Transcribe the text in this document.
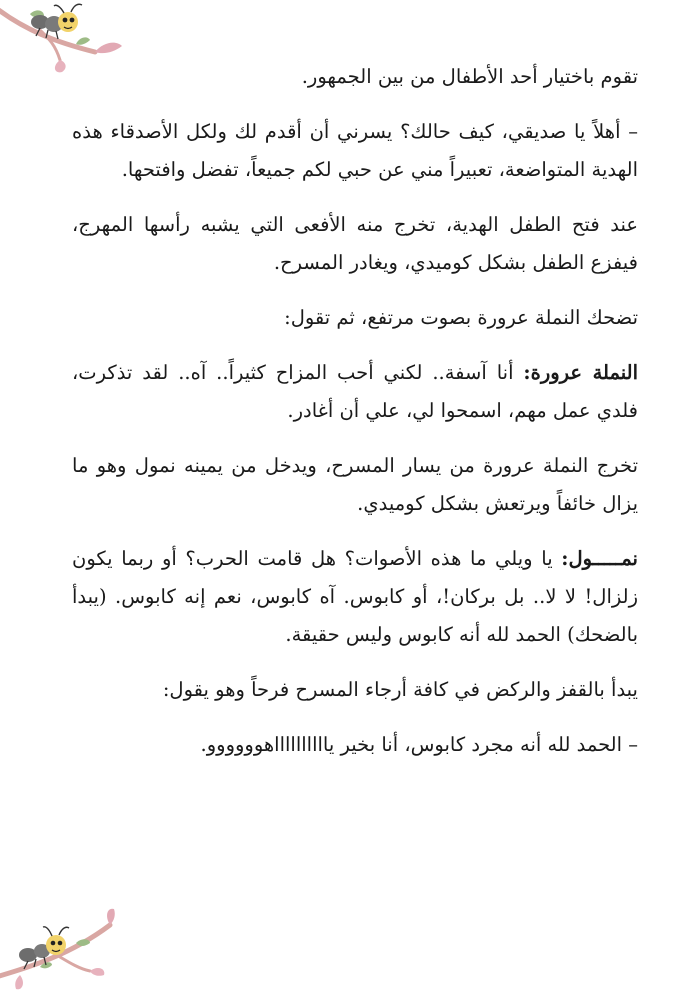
تقوم باختيار أحد الأطفال من بين الجمهور.

– أهلاً يا صديقي، كيف حالك؟ يسرني أن أقدم لك ولكل الأصدقاء هذه الهدية المتواضعة، تعبيراً مني عن حبي لكم جميعاً، تفضل وافتحها.

عند فتح الطفل الهدية، تخرج منه الأفعى التي يشبه رأسها المهرج، فيفزع الطفل بشكل كوميدي، ويغادر المسرح.

تضحك النملة عرورة بصوت مرتفع، ثم تقول:

النملة عرورة: أنا آسفة.. لكني أحب المزاح كثيراً.. آه.. لقد تذكرت، فلدي عمل مهم، اسمحوا لي، علي أن أغادر.

تخرج النملة عرورة من يسار المسرح، ويدخل من يمينه نمول وهو ما يزال خائفاً ويرتعش بشكل كوميدي.

نمـــــول: يا ويلي ما هذه الأصوات؟ هل قامت الحرب؟ أو ربما يكون زلزال! لا لا.. بل بركان!، أو كابوس. آه كابوس، نعم إنه كابوس. (يبدأ بالضحك) الحمد لله أنه كابوس وليس حقيقة.

يبدأ بالقفز والركض في كافة أرجاء المسرح فرحاً وهو يقول:

– الحمد لله أنه مجرد كابوس، أنا بخير يااااااااااهوووووو.
